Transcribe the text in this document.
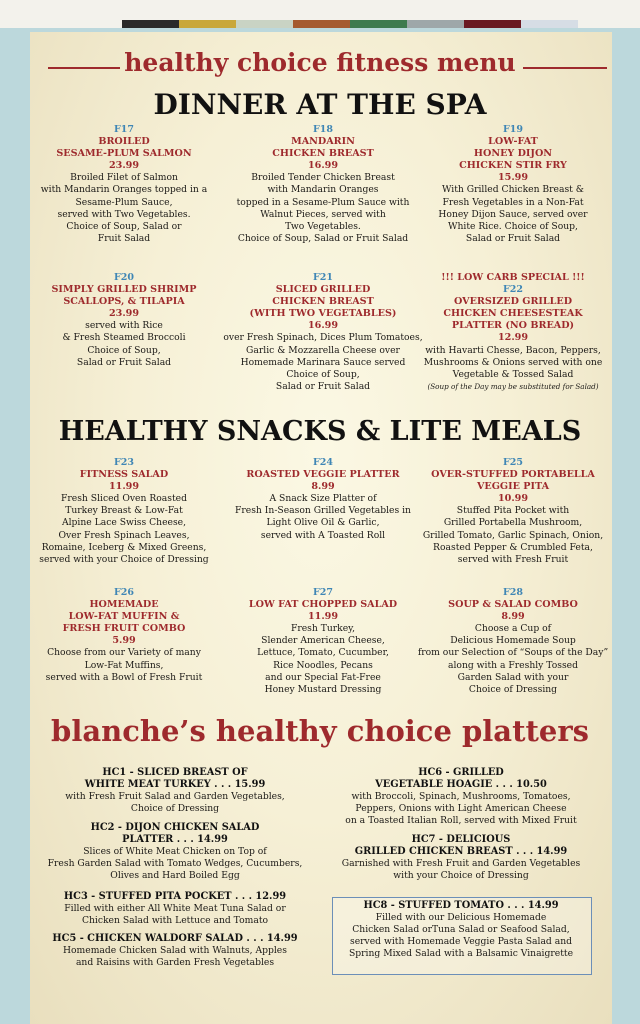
healthy choice fitness menu
DINNER AT THE SPA
F17
BROILED
SESAME-PLUM SALMON
23.99
Broiled Filet of Salmon
with Mandarin Oranges topped in a
Sesame-Plum Sauce,
served with Two Vegetables.
Choice of Soup, Salad or
Fruit Salad
F18
MANDARIN
CHICKEN BREAST
16.99
Broiled Tender Chicken Breast
with Mandarin Oranges
topped in a Sesame-Plum Sauce with
Walnut Pieces, served with
Two Vegetables.
Choice of Soup, Salad or Fruit Salad
F19
LOW-FAT
HONEY DIJON
CHICKEN STIR FRY
15.99
With Grilled Chicken Breast &
Fresh Vegetables in a Non-Fat
Honey Dijon Sauce, served over
White Rice. Choice of Soup,
Salad or Fruit Salad
F20
SIMPLY GRILLED SHRIMP
SCALLOPS, & TILAPIA
23.99
served with Rice
& Fresh Steamed Broccoli
Choice of Soup,
Salad or Fruit Salad
F21
SLICED GRILLED
CHICKEN BREAST
(WITH TWO VEGETABLES)
16.99
over Fresh Spinach, Dices Plum Tomatoes,
Garlic & Mozzarella Cheese over
Homemade Marinara Sauce served
Choice of Soup,
Salad or Fruit Salad
!!! LOW CARB SPECIAL !!!
F22
OVERSIZED GRILLED
CHICKEN CHEESESTEAK
PLATTER (NO BREAD)
12.99
with Havarti Chesse, Bacon, Peppers,
Mushrooms & Onions served with one
Vegetable & Tossed Salad
(Soup of the Day may be substituted for Salad)
HEALTHY SNACKS & LITE MEALS
F23
FITNESS SALAD
11.99
Fresh Sliced Oven Roasted
Turkey Breast & Low-Fat
Alpine Lace Swiss Cheese,
Over Fresh Spinach Leaves,
Romaine, Iceberg & Mixed Greens,
served with your Choice of Dressing
F24
ROASTED VEGGIE PLATTER
8.99
A Snack Size Platter of
Fresh In-Season Grilled Vegetables in
Light Olive Oil & Garlic,
served with A Toasted Roll
F25
OVER-STUFFED PORTABELLA
VEGGIE PITA
10.99
Stuffed Pita Pocket with
Grilled Portabella Mushroom,
Grilled Tomato, Garlic Spinach, Onion,
Roasted Pepper & Crumbled Feta,
served with Fresh Fruit
F26
HOMEMADE
LOW-FAT MUFFIN &
FRESH FRUIT COMBO
5.99
Choose from our Variety of many
Low-Fat Muffins,
served with a Bowl of Fresh Fruit
F27
LOW FAT CHOPPED SALAD
11.99
Fresh Turkey,
Slender American Cheese,
Lettuce, Tomato, Cucumber,
Rice Noodles, Pecans
and our Special Fat-Free
Honey Mustard Dressing
F28
SOUP & SALAD COMBO
8.99
Choose a Cup of
Delicious Homemade Soup
from our Selection of “Soups of the Day”
along with a Freshly Tossed
Garden Salad with your
Choice of Dressing
blanche’s healthy choice platters
HC1 - SLICED BREAST OF
WHITE MEAT TURKEY . . . 15.99
with Fresh Fruit Salad and Garden Vegetables,
Choice of Dressing
HC2 - DIJON CHICKEN SALAD
PLATTER . . . 14.99
Slices of White Meat Chicken on Top of
Fresh Garden Salad with Tomato Wedges, Cucumbers,
Olives and Hard Boiled Egg
HC3 - STUFFED PITA POCKET . . . 12.99
Filled with either All White Meat Tuna Salad or
Chicken Salad with Lettuce and Tomato
HC5 - CHICKEN WALDORF SALAD . . . 14.99
Homemade Chicken Salad with Walnuts, Apples
and Raisins with Garden Fresh Vegetables
HC6 - GRILLED
VEGETABLE HOAGIE . . . 10.50
with Broccoli, Spinach, Mushrooms, Tomatoes,
Peppers, Onions with Light American Cheese
on a Toasted Italian Roll, served with Mixed Fruit
HC7 - DELICIOUS
GRILLED CHICKEN BREAST . . . 14.99
Garnished with Fresh Fruit and Garden Vegetables
with your Choice of Dressing
HC8 - STUFFED TOMATO . . . 14.99
Filled with our Delicious Homemade
Chicken Salad orTuna Salad or Seafood Salad,
served with Homemade Veggie Pasta Salad and
Spring Mixed Salad with a Balsamic Vinaigrette
